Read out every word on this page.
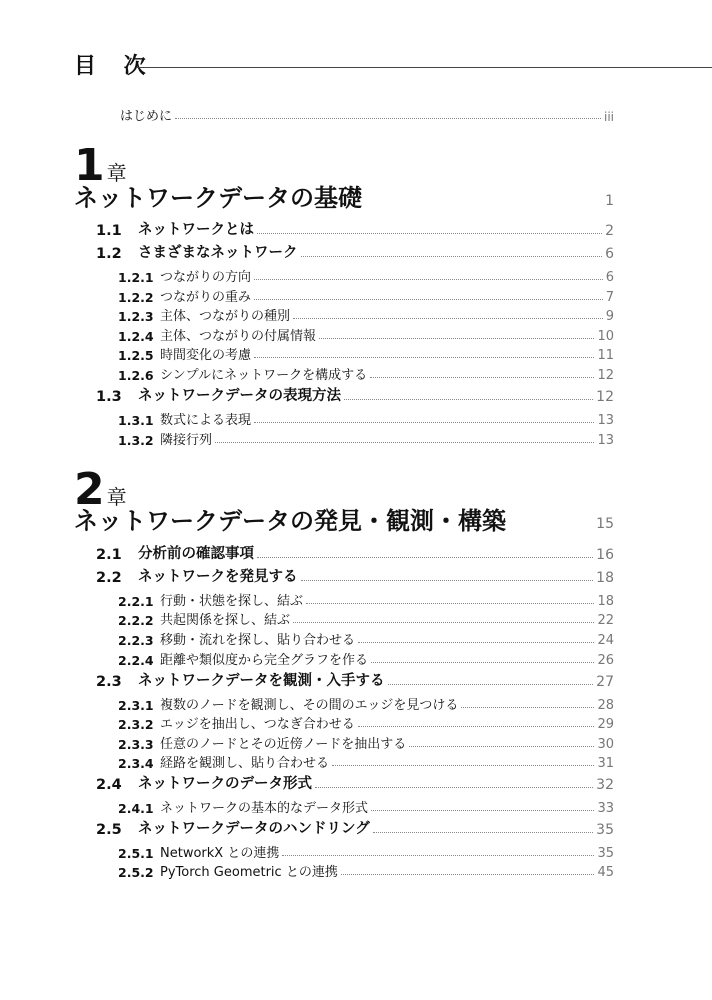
目 次
はじめに	iii
1 章
ネットワークデータの基礎	1
1.1	ネットワークとは	2
1.2	さまざまなネットワーク	6
1.2.1 つながりの方向	6
1.2.2 つながりの重み	7
1.2.3 主体、つながりの種別	9
1.2.4 主体、つながりの付属情報	10
1.2.5 時間変化の考慮	11
1.2.6 シンプルにネットワークを構成する	12
1.3	ネットワークデータの表現方法	12
1.3.1 数式による表現	13
1.3.2 隣接行列	13
2 章
ネットワークデータの発見・観測・構築	15
2.1	分析前の確認事項	16
2.2	ネットワークを発見する	18
2.2.1 行動・状態を探し、結ぶ	18
2.2.2 共起関係を探し、結ぶ	22
2.2.3 移動・流れを探し、貼り合わせる	24
2.2.4 距離や類似度から完全グラフを作る	26
2.3	ネットワークデータを観測・入手する	27
2.3.1 複数のノードを観測し、その間のエッジを見つける	28
2.3.2 エッジを抽出し、つなぎ合わせる	29
2.3.3 任意のノードとその近傍ノードを抽出する	30
2.3.4 経路を観測し、貼り合わせる	31
2.4	ネットワークのデータ形式	32
2.4.1 ネットワークの基本的なデータ形式	33
2.5	ネットワークデータのハンドリング	35
2.5.1 NetworkX との連携	35
2.5.2 PyTorch Geometric との連携	45
